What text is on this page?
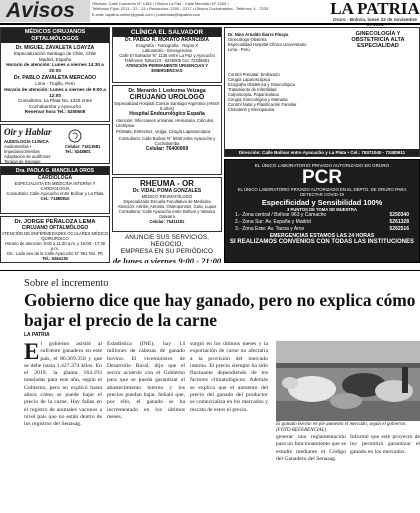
Avisos	Oficinas: Calle Camacho N° 1484 • Oficina La Paz - Calle Mercado N° 1430 •
Teléfonos Fijos: 2211 - 22 - 23 • Redacción: 2200 - 2217 • Oficina Cochabamba - Teléfono: 4 - 7203
E-mail: lapatria.online@gmail.com • publicidad@lapatria.com	LA PATRIA
Oruro - Bolivia, lunes 22 de noviembre
MÉDICOS CIRUJANOS OFTALMÓLOGOS
Dr. MIGUEL ZAVALETA LOAYZA
Especialización Santiago de Chile, Chile
Madrid, España
Horario de atención: Lunes a viernes 14:30 a 20:00
Dr. PABLO ZAVALETA MERCADO
Lima - Trujillo, Perú
Horario de atención: Lunes a viernes de 9:00 a 12:00
Consultorio: La Plata No. 1226 entre
Cochabamba y Ayacucho
Reservar hora Tel.: 5250608
Oir y Hablar
AUDIOLOGÍA CLÍNICA
Audiometrías • Impedanciometrías
Adaptación de audífonos
Terapia de lenguaje
Celular: 71613581
Tel.: 5248801
Dra. PAOLA G. MANCILLA OROS
CARDIÓLOGA
ESPECIALISTA EN MEDICINA INTERNA Y CARDIOLOGÍA
Consultorio: Calle Ayacucho entre Bolívar y La Plata
Cel.: 71880810
Dr. JORGE PEÑALOZA LEMA
CIRUJANO OFTALMÓLOGO
ATENCIÓN DE ENFERMEDADES OCULARES MÉDICO QUIRÚRGICO
Horario de atención: 9:00 a 11:30 a.m. y 15:00 - 17:30 p.m.
Dir.: Lado aeo de la Calle Ayacucho N° 961 Nro. Pb
Tel.: 5264135
CLÍNICA EL SALVADOR
Dr. PABLO R. MORATO ARANCIBIA
Ecografía - Tomografía - Rayos X
Laboratorio - Emergencias
Calle El Salvador N° 1135 entre La Paz y Ayacucho
Teléfonos: 5264123 - 5248005 Cel. 72336651
ATENCIÓN PERMANENTE URGENCIAS Y EMERGENCIAS
Dr. Merardo I. Ledezma Veizaga
CIRUJANO UROLOGO
Especialidad Hospital Común Santiago Argentina (ANSX 5 años)
Hospital Endourológico España
Atención: Infecciones urinarias, Hematuria, Cálculos, Litotripsia
Próstata, Estrechez, Vejiga, Cirugía Laparoscópica
Consultorio: Calle Bolívar N° 5640 entre Ayacucho y Cochabamba
Celular: 76400069
RHEUMA - OR
Dr. VIDAL POMA GONZALES
MÉDICO REUMATÓLOGO
Especializado Escuela Facultativa de Medicina
Atención: Artritis, Artrosis, Osteoporosis, Gota, Lupus
Consultorio: Calle Ayacucho entre Bolívar y Velasco Galvarro
Celular: 75411181
ANUNCIE SUS SERVICIOS, NEGOCIO,
EMPRESA EN SU PERIÓDICO
de lunes a viernes 9:00 - 21:00
Dr. Nino Arnaldo Ibarra Pinaya
Ginecólogo-Obstetra
Especialidad Hospital Clínico Universitario
Lima - Perú
GINECOLOGÍA Y OBSTETRICIA ALTA ESPECIALIDAD
Control Prenatal, Embarazo
Cirugía Laparoscópica
Ecografía Obstétrica y Ginecológica
Tratamiento de Infertilidad
Colposcopía, Papanicolaou
Cirugía Ginecológica y Mamaria
Control Natal y Planificación Familiar
Climaterio y Menopausia
Dirección: Calle Bolívar entre Ayacucho y La Plata • Cel.: 79371040 - 72480611
EL ÚNICO LABORATORIO PRIVADO AUTORIZADO EN ORURO
PCR
EL ÚNICO LABORATORIO PRIVADO AUTORIZADO EN EL DEPTO. DE ORURO PARA DETECTAR COVID-19
Especificidad y Sensibilidad 100%
3 PUNTOS DE TOMA DE MUESTRA
1.- Zona central / Bolívar 963 y Camacho	5250340
2.- Zona Sur: Av. España y Madrid	5261328
3.- Zona Este: Av. Tacna y Arce	5262516
EMERGENCIAS ESTAMOS LAS 24 HORAS
SI REALIZAMOS CONVENIOS CON TODAS LAS INSTITUCIONES
Sobre el incremento
Gobierno dice que hay ganado, pero no explica cómo bajar el precio de la carne
LA PATRIA
El gobierno asistió al sufriente ganadero en este país, el 80.369.358 y que se debe hasta 1.427.374 kilos. En el 2019, la planta 164.193 toneladas para este año, según el Gobierno, pero no explicó hasta ahora cómo se puede bajar el precio de la carne. Hay fallas en el registro de animales vacunos a nivel país que no están dentro de los registros del Senasag.
Estadística (INE), hay 14 millones de cabezas de ganado bovino. El viceministro de Desarrollo Rural, dijo que el sector acuerdo con el Gobierno para que se pueda garantizar el abastecimiento interno y los precios puedan bajar. Señaló que, por ello, el ganado se ha incrementado en los últimos meses.
surgió en los últimos meses y la exportación de carne no afectaría a la provisión del mercado interno. El precio siempre ha sido fluctuante dependiendo de los factores climatológicos. Además se explica que el aumento del precio del ganado del productor se comercializa en los mercados y rescata de estos el precio.
El ganado bovino en pie aumentó el mercado, según el gobierno. (FOTO REFERENCIAL)
generar una reglamentación para un funcionamiento que se estudie mediante el Código del Ganadero del Senasag.
Informó que este proyecto de ley permitirá garantizar el ganado en los mercados.
